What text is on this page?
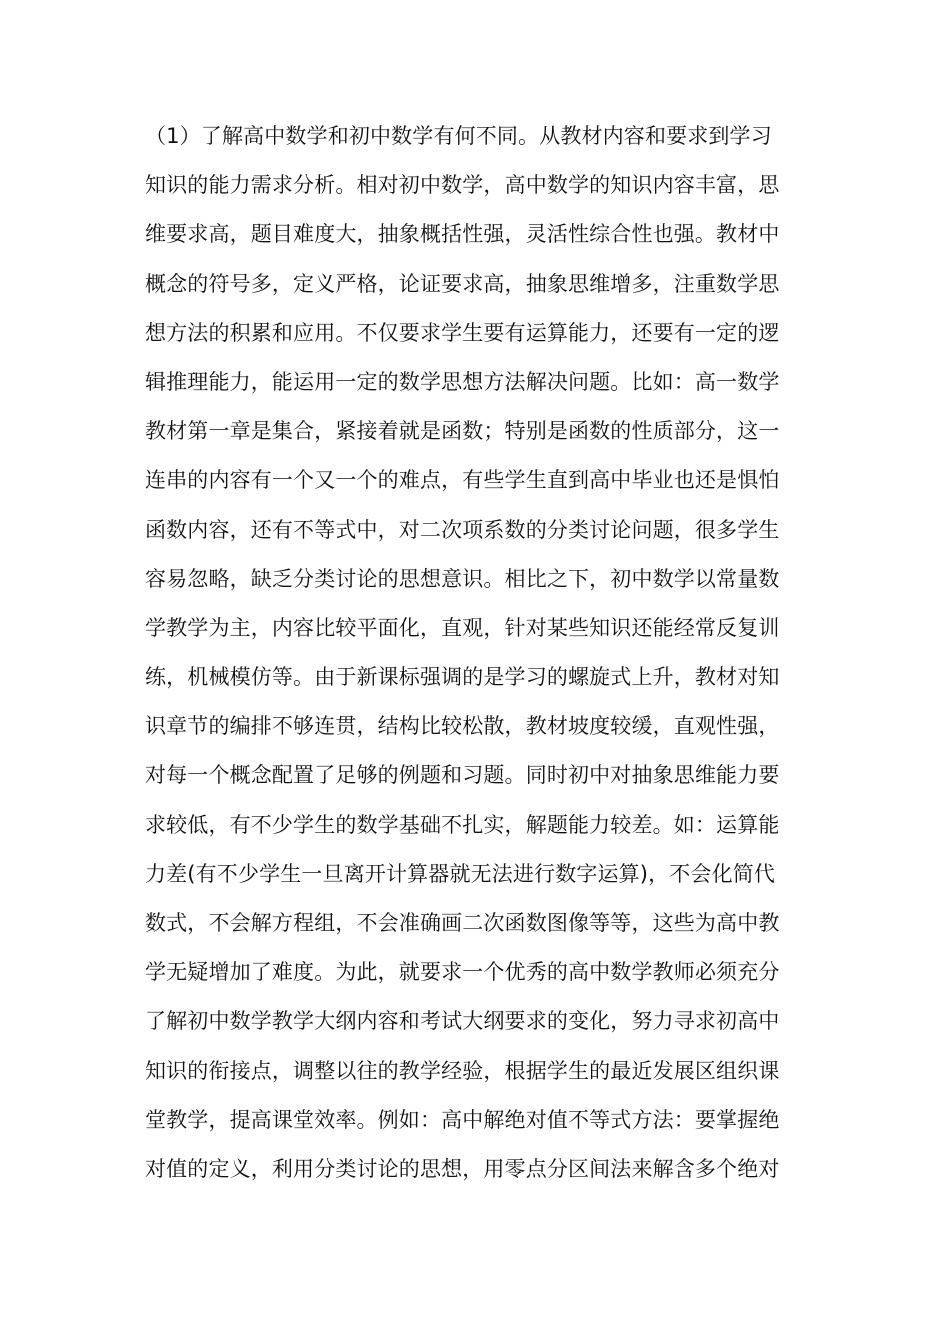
（1）了解高中数学和初中数学有何不同。从教材内容和要求到学习
知识的能力需求分析。相对初中数学，高中数学的知识内容丰富，思
维要求高，题目难度大，抽象概括性强，灵活性综合性也强。教材中
概念的符号多，定义严格，论证要求高，抽象思维增多，注重数学思
想方法的积累和应用。不仅要求学生要有运算能力，还要有一定的逻
辑推理能力，能运用一定的数学思想方法解决问题。比如：高一数学
教材第一章是集合，紧接着就是函数；特别是函数的性质部分，这一
连串的内容有一个又一个的难点，有些学生直到高中毕业也还是惧怕
函数内容，还有不等式中，对二次项系数的分类讨论问题，很多学生
容易忽略，缺乏分类讨论的思想意识。相比之下，初中数学以常量数
学教学为主，内容比较平面化，直观，针对某些知识还能经常反复训
练，机械模仿等。由于新课标强调的是学习的螺旋式上升，教材对知
识章节的编排不够连贯，结构比较松散，教材坡度较缓，直观性强，
对每一个概念配置了足够的例题和习题。同时初中对抽象思维能力要
求较低，有不少学生的数学基础不扎实，解题能力较差。如：运算能
力差(有不少学生一旦离开计算器就无法进行数字运算)，不会化简代
数式，不会解方程组，不会准确画二次函数图像等等，这些为高中教
学无疑增加了难度。为此，就要求一个优秀的高中数学教师必须充分
了解初中数学教学大纲内容和考试大纲要求的变化，努力寻求初高中
知识的衔接点，调整以往的教学经验，根据学生的最近发展区组织课
堂教学，提高课堂效率。例如：高中解绝对值不等式方法：要掌握绝
对值的定义，利用分类讨论的思想，用零点分区间法来解含多个绝对
